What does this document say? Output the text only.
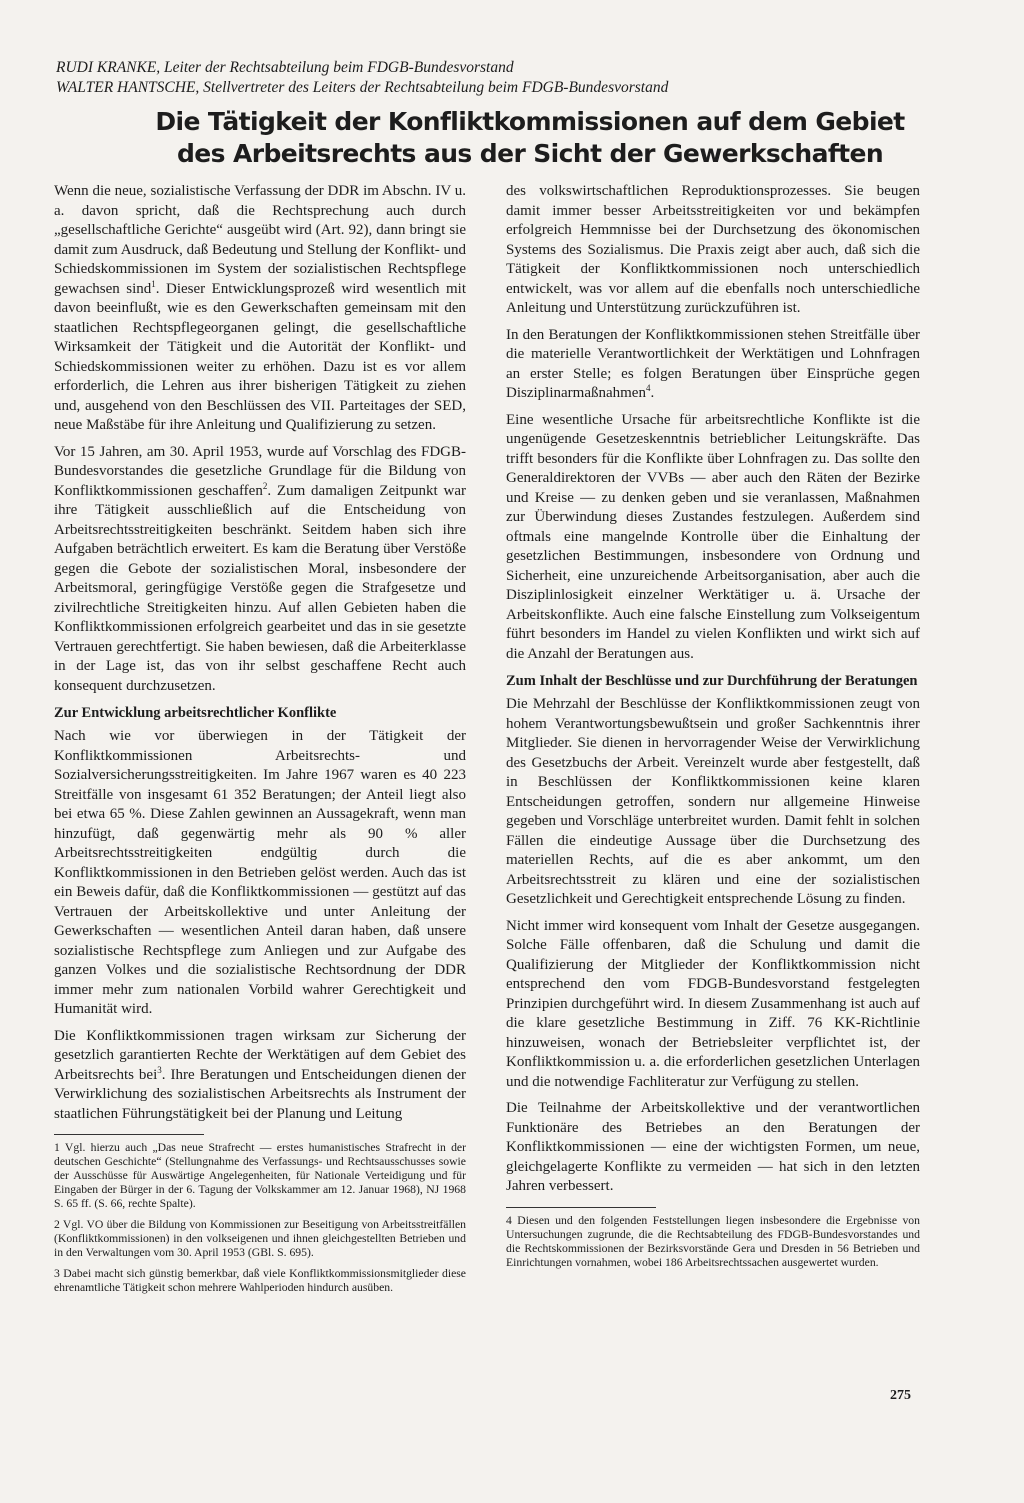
RUDI KRANKE, Leiter der Rechtsabteilung beim FDGB-Bundesvorstand
WALTER HANTSCHE, Stellvertreter des Leiters der Rechtsabteilung beim FDGB-Bundesvorstand
Die Tätigkeit der Konfliktkommissionen auf dem Gebiet
des Arbeitsrechts aus der Sicht der Gewerkschaften

Wenn die neue, sozialistische Verfassung der DDR im Abschn. IV u. a. davon spricht, daß die Rechtsprechung auch durch „gesellschaftliche Gerichte“ ausgeübt wird (Art. 92), dann bringt sie damit zum Ausdruck, daß Bedeutung und Stellung der Konflikt- und Schiedskommissionen im System der sozialistischen Rechtspflege gewachsen sind$^1$. Dieser Entwicklungsprozeß wird wesentlich mit davon beeinflußt, wie es den Gewerkschaften gemeinsam mit den staatlichen Rechtspflegeorganen gelingt, die gesellschaftliche Wirksamkeit der Tätigkeit und die Autorität der Konflikt- und Schiedskommissionen weiter zu erhöhen. Dazu ist es vor allem erforderlich, die Lehren aus ihrer bisherigen Tätigkeit zu ziehen und, ausgehend von den Beschlüssen des VII. Parteitages der SED, neue Maßstäbe für ihre Anleitung und Qualifizierung zu setzen.

Vor 15 Jahren, am 30. April 1953, wurde auf Vorschlag des FDGB-Bundesvorstandes die gesetzliche Grundlage für die Bildung von Konfliktkommissionen geschaffen$^2$. Zum damaligen Zeitpunkt war ihre Tätigkeit ausschließlich auf die Entscheidung von Arbeitsrechtsstreitigkeiten beschränkt. Seitdem haben sich ihre Aufgaben beträchtlich erweitert. Es kam die Beratung über Verstöße gegen die Gebote der sozialistischen Moral, insbesondere der Arbeitsmoral, geringfügige Verstöße gegen die Strafgesetze und zivilrechtliche Streitigkeiten hinzu. Auf allen Gebieten haben die Konfliktkommissionen erfolgreich gearbeitet und das in sie gesetzte Vertrauen gerechtfertigt. Sie haben bewiesen, daß die Arbeiterklasse in der Lage ist, das von ihr selbst geschaffene Recht auch konsequent durchzusetzen.

Zur Entwicklung arbeitsrechtlicher Konflikte

Nach wie vor überwiegen in der Tätigkeit der Konfliktkommissionen Arbeitsrechts- und Sozialversicherungsstreitigkeiten. Im Jahre 1967 waren es 40 223 Streitfälle von insgesamt 61 352 Beratungen; der Anteil liegt also bei etwa 65 %. Diese Zahlen gewinnen an Aussagekraft, wenn man hinzufügt, daß gegenwärtig mehr als 90 % aller Arbeitsrechtsstreitigkeiten endgültig durch die Konfliktkommissionen in den Betrieben gelöst werden. Auch das ist ein Beweis dafür, daß die Konfliktkommissionen — gestützt auf das Vertrauen der Arbeitskollektive und unter Anleitung der Gewerkschaften — wesentlichen Anteil daran haben, daß unsere sozialistische Rechtspflege zum Anliegen und zur Aufgabe des ganzen Volkes und die sozialistische Rechtsordnung der DDR immer mehr zum nationalen Vorbild wahrer Gerechtigkeit und Humanität wird.

Die Konfliktkommissionen tragen wirksam zur Sicherung der gesetzlich garantierten Rechte der Werktätigen auf dem Gebiet des Arbeitsrechts bei$^3$. Ihre Beratungen und Entscheidungen dienen der Verwirklichung des sozialistischen Arbeitsrechts als Instrument der staatlichen Führungstätigkeit bei der Planung und Leitung

1 Vgl. hierzu auch „Das neue Strafrecht — erstes humanistisches Strafrecht in der deutschen Geschichte“ (Stellungnahme des Verfassungs- und Rechtsausschusses sowie der Ausschüsse für Auswärtige Angelegenheiten, für Nationale Verteidigung und für Eingaben der Bürger in der 6. Tagung der Volkskammer am 12. Januar 1968), NJ 1968 S. 65 ff. (S. 66, rechte Spalte).

2 Vgl. VO über die Bildung von Kommissionen zur Beseitigung von Arbeitsstreitfällen (Konfliktkommissionen) in den volkseigenen und ihnen gleichgestellten Betrieben und in den Verwaltungen vom 30. April 1953 (GBl. S. 695).

3 Dabei macht sich günstig bemerkbar, daß viele Konfliktkommissionsmitglieder diese ehrenamtliche Tätigkeit schon mehrere Wahlperioden hindurch ausüben.

des volkswirtschaftlichen Reproduktionsprozesses. Sie beugen damit immer besser Arbeitsstreitigkeiten vor und bekämpfen erfolgreich Hemmnisse bei der Durchsetzung des ökonomischen Systems des Sozialismus. Die Praxis zeigt aber auch, daß sich die Tätigkeit der Konfliktkommissionen noch unterschiedlich entwickelt, was vor allem auf die ebenfalls noch unterschiedliche Anleitung und Unterstützung zurückzuführen ist.

In den Beratungen der Konfliktkommissionen stehen Streitfälle über die materielle Verantwortlichkeit der Werktätigen und Lohnfragen an erster Stelle; es folgen Beratungen über Einsprüche gegen Disziplinarmaßnahmen$^4$.

Eine wesentliche Ursache für arbeitsrechtliche Konflikte ist die ungenügende Gesetzeskenntnis betrieblicher Leitungskräfte. Das trifft besonders für die Konflikte über Lohnfragen zu. Das sollte den Generaldirektoren der VVBs — aber auch den Räten der Bezirke und Kreise — zu denken geben und sie veranlassen, Maßnahmen zur Überwindung dieses Zustandes festzulegen. Außerdem sind oftmals eine mangelnde Kontrolle über die Einhaltung der gesetzlichen Bestimmungen, insbesondere von Ordnung und Sicherheit, eine unzureichende Arbeitsorganisation, aber auch die Disziplinlosigkeit einzelner Werktätiger u. ä. Ursache der Arbeitskonflikte. Auch eine falsche Einstellung zum Volkseigentum führt besonders im Handel zu vielen Konflikten und wirkt sich auf die Anzahl der Beratungen aus.

Zum Inhalt der Beschlüsse und zur Durchführung der Beratungen

Die Mehrzahl der Beschlüsse der Konfliktkommissionen zeugt von hohem Verantwortungsbewußtsein und großer Sachkenntnis ihrer Mitglieder. Sie dienen in hervorragender Weise der Verwirklichung des Gesetzbuchs der Arbeit. Vereinzelt wurde aber festgestellt, daß in Beschlüssen der Konfliktkommissionen keine klaren Entscheidungen getroffen, sondern nur allgemeine Hinweise gegeben und Vorschläge unterbreitet wurden. Damit fehlt in solchen Fällen die eindeutige Aussage über die Durchsetzung des materiellen Rechts, auf die es aber ankommt, um den Arbeitsrechtsstreit zu klären und eine der sozialistischen Gesetzlichkeit und Gerechtigkeit entsprechende Lösung zu finden.

Nicht immer wird konsequent vom Inhalt der Gesetze ausgegangen. Solche Fälle offenbaren, daß die Schulung und damit die Qualifizierung der Mitglieder der Konfliktkommission nicht entsprechend den vom FDGB-Bundesvorstand festgelegten Prinzipien durchgeführt wird. In diesem Zusammenhang ist auch auf die klare gesetzliche Bestimmung in Ziff. 76 KK-Richtlinie hinzuweisen, wonach der Betriebsleiter verpflichtet ist, der Konfliktkommission u. a. die erforderlichen gesetzlichen Unterlagen und die notwendige Fachliteratur zur Verfügung zu stellen.

Die Teilnahme der Arbeitskollektive und der verantwortlichen Funktionäre des Betriebes an den Beratungen der Konfliktkommissionen — eine der wichtigsten Formen, um neue, gleichgelagerte Konflikte zu vermeiden — hat sich in den letzten Jahren verbessert.

4 Diesen und den folgenden Feststellungen liegen insbesondere die Ergebnisse von Untersuchungen zugrunde, die die Rechtsabteilung des FDGB-Bundesvorstandes und die Rechtskommissionen der Bezirksvorstände Gera und Dresden in 56 Betrieben und Einrichtungen vornahmen, wobei 186 Arbeitsrechtssachen ausgewertet wurden.

275
